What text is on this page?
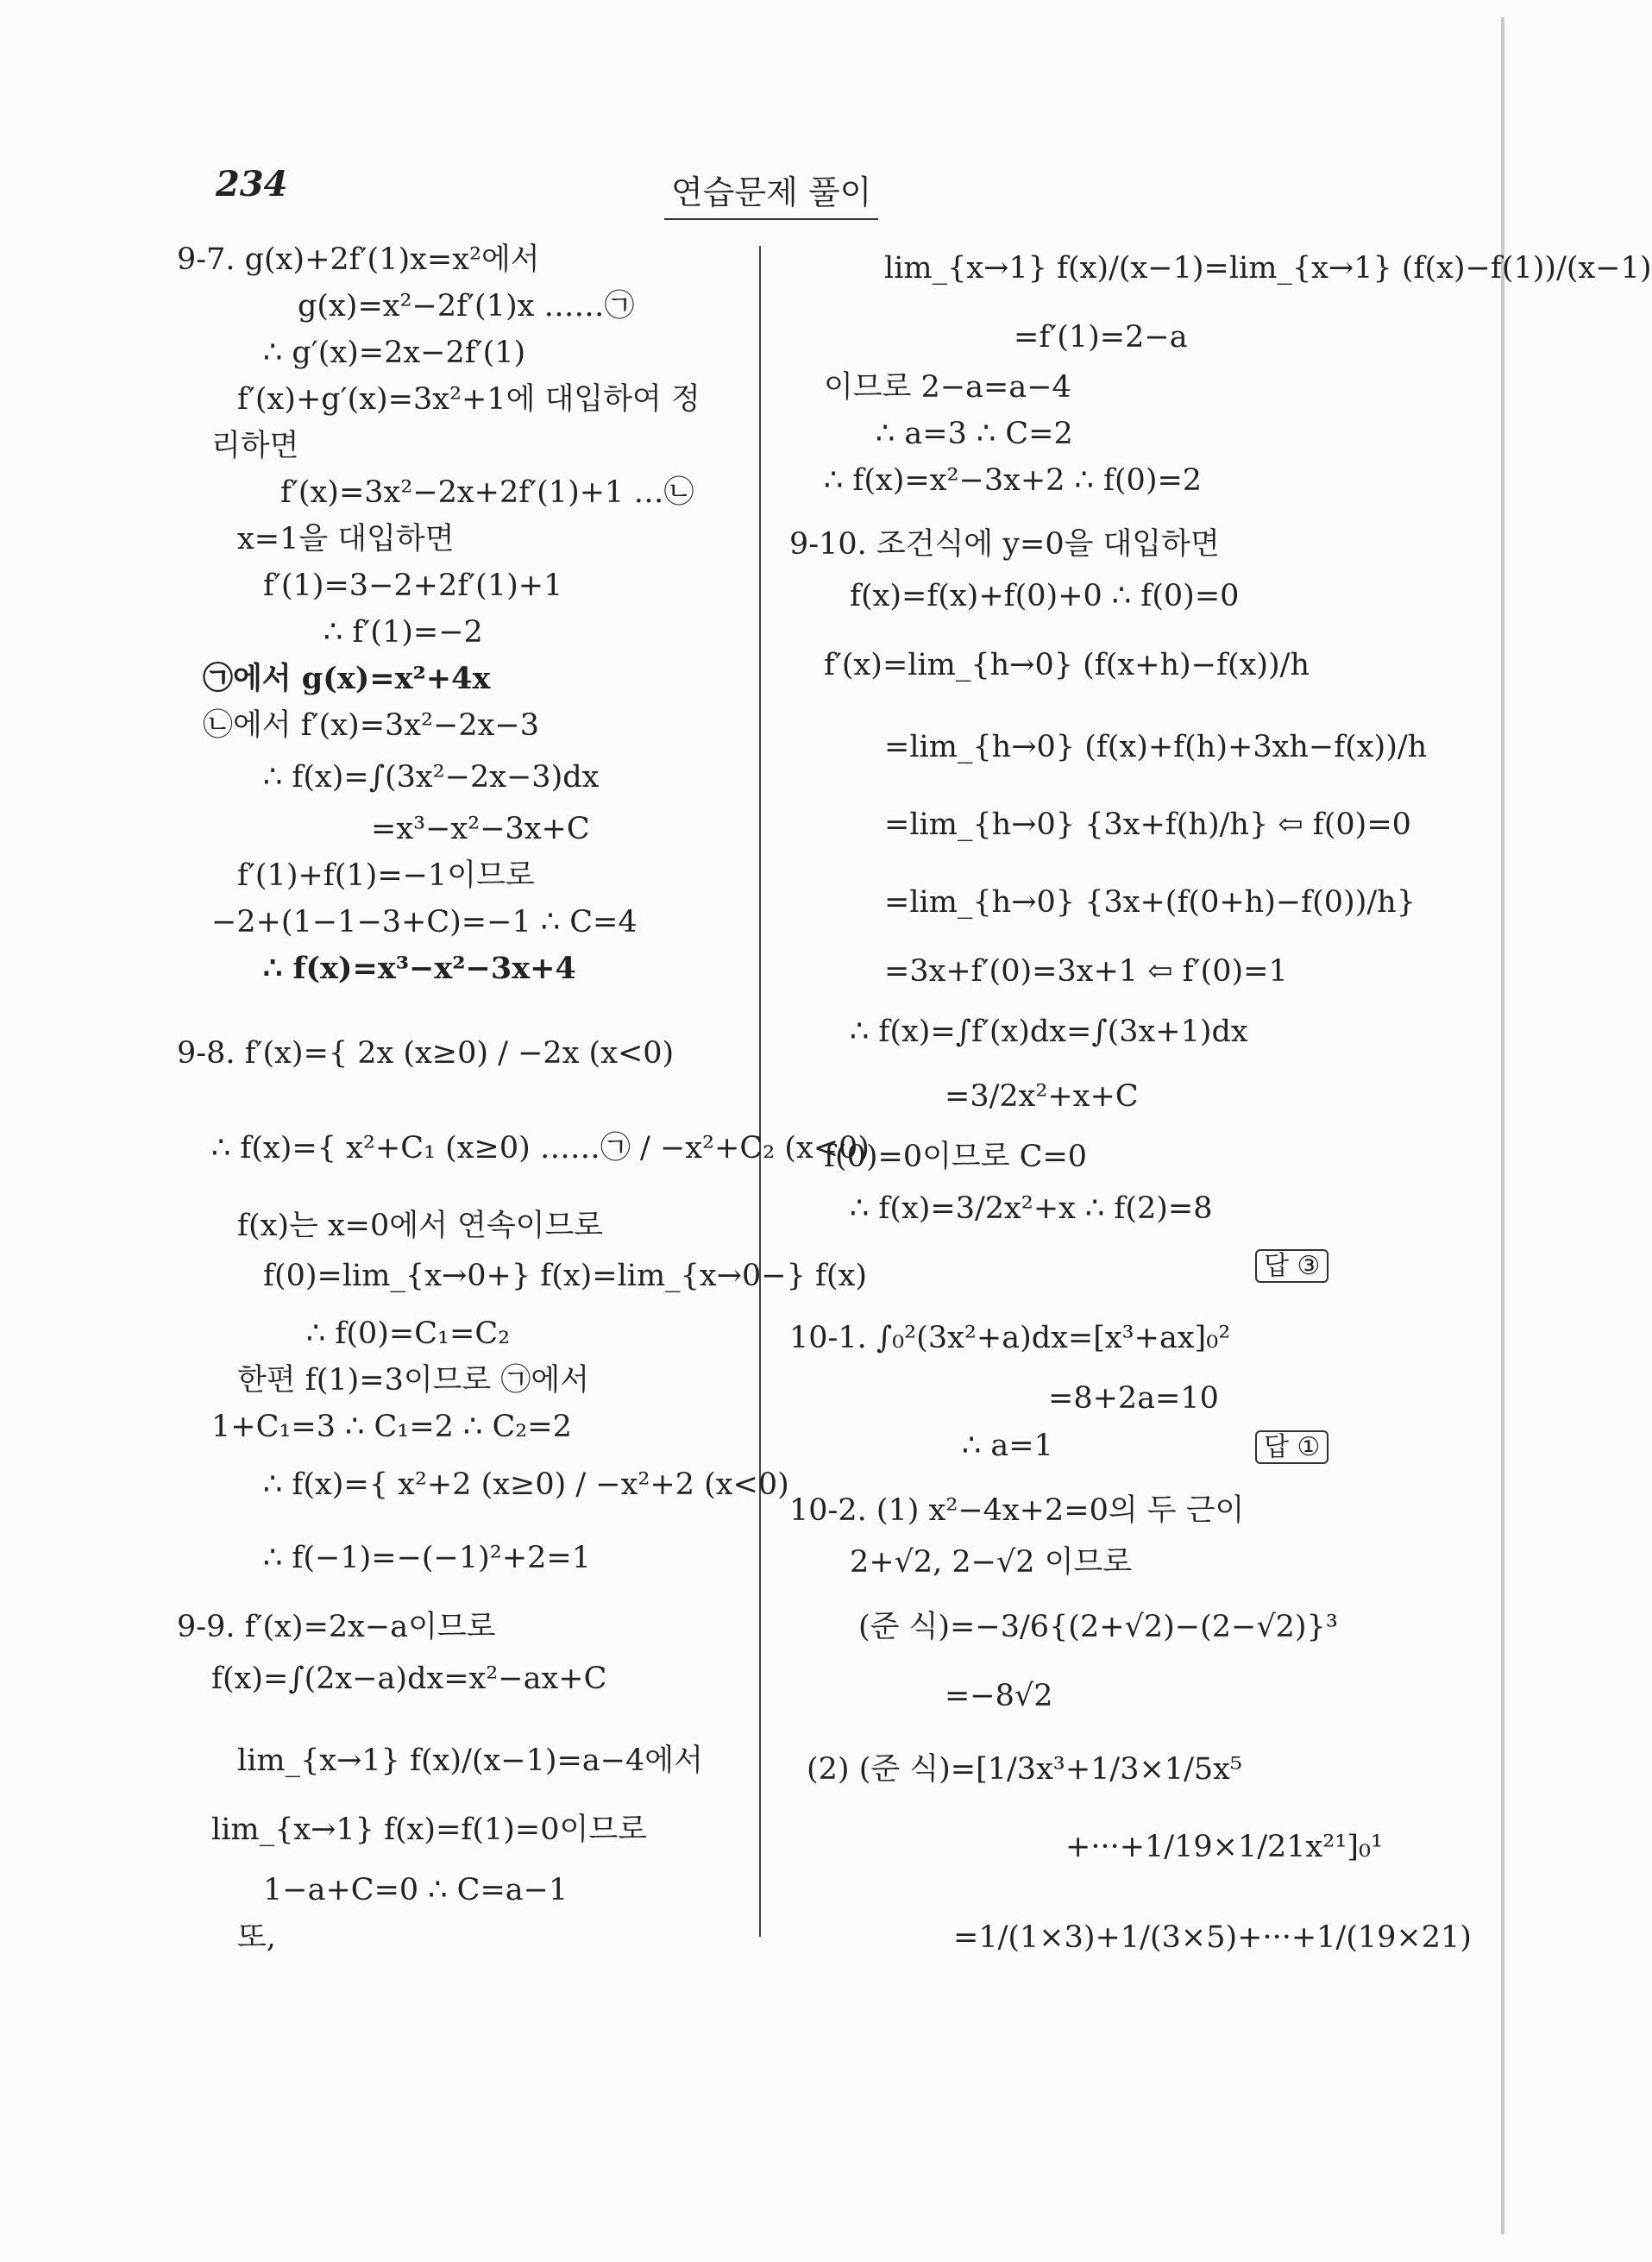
234	연습문제 풀이
9-7. g(x)+2f′(1)x=x²에서
g(x)=x²−2f′(1)x ……㉠
∴ g′(x)=2x−2f′(1)
f′(x)+g′(x)=3x²+1에 대입하여 정
리하면
f′(x)=3x²−2x+2f′(1)+1 …㉡
x=1을 대입하면
f′(1)=3−2+2f′(1)+1
∴ f′(1)=−2
㉠에서 g(x)=x²+4x
㉡에서 f′(x)=3x²−2x−3
∴ f(x)=∫(3x²−2x−3)dx
=x³−x²−3x+C
f′(1)+f(1)=−1이므로
−2+(1−1−3+C)=−1 ∴ C=4
∴ f(x)=x³−x²−3x+4
9-8. f′(x)={ 2x (x≥0) / −2x (x<0)
∴ f(x)={ x²+C₁ (x≥0) ……㉠ / −x²+C₂ (x<0)
f(x)는 x=0에서 연속이므로
f(0)=lim_{x→0+} f(x)=lim_{x→0−} f(x)
∴ f(0)=C₁=C₂
한편 f(1)=3이므로 ㉠에서
1+C₁=3 ∴ C₁=2 ∴ C₂=2
∴ f(x)={ x²+2 (x≥0) / −x²+2 (x<0)
∴ f(−1)=−(−1)²+2=1
9-9. f′(x)=2x−a이므로
f(x)=∫(2x−a)dx=x²−ax+C
lim_{x→1} f(x)/(x−1)=a−4에서
lim_{x→1} f(x)=f(1)=0이므로
1−a+C=0 ∴ C=a−1
또,
lim_{x→1} f(x)/(x−1)=lim_{x→1} (f(x)−f(1))/(x−1)
=f′(1)=2−a
이므로 2−a=a−4
∴ a=3 ∴ C=2
∴ f(x)=x²−3x+2 ∴ f(0)=2
9-10. 조건식에 y=0을 대입하면
f(x)=f(x)+f(0)+0 ∴ f(0)=0
f′(x)=lim_{h→0} (f(x+h)−f(x))/h
=lim_{h→0} (f(x)+f(h)+3xh−f(x))/h
=lim_{h→0} {3x+f(h)/h} ⇦ f(0)=0
=lim_{h→0} {3x+(f(0+h)−f(0))/h}
=3x+f′(0)=3x+1 ⇦ f′(0)=1
∴ f(x)=∫f′(x)dx=∫(3x+1)dx
=3/2x²+x+C
f(0)=0이므로 C=0
∴ f(x)=3/2x²+x ∴ f(2)=8
답 ③
10-1. ∫₀²(3x²+a)dx=[x³+ax]₀²
=8+2a=10
∴ a=1	답 ①
10-2. (1) x²−4x+2=0의 두 근이
2+√2, 2−√2 이므로
(준 식)=−3/6{(2+√2)−(2−√2)}³
=−8√2
(2) (준 식)=[1/3x³+1/3×1/5x⁵
+···+1/19×1/21x²¹]₀¹
=1/(1×3)+1/(3×5)+···+1/(19×21)
